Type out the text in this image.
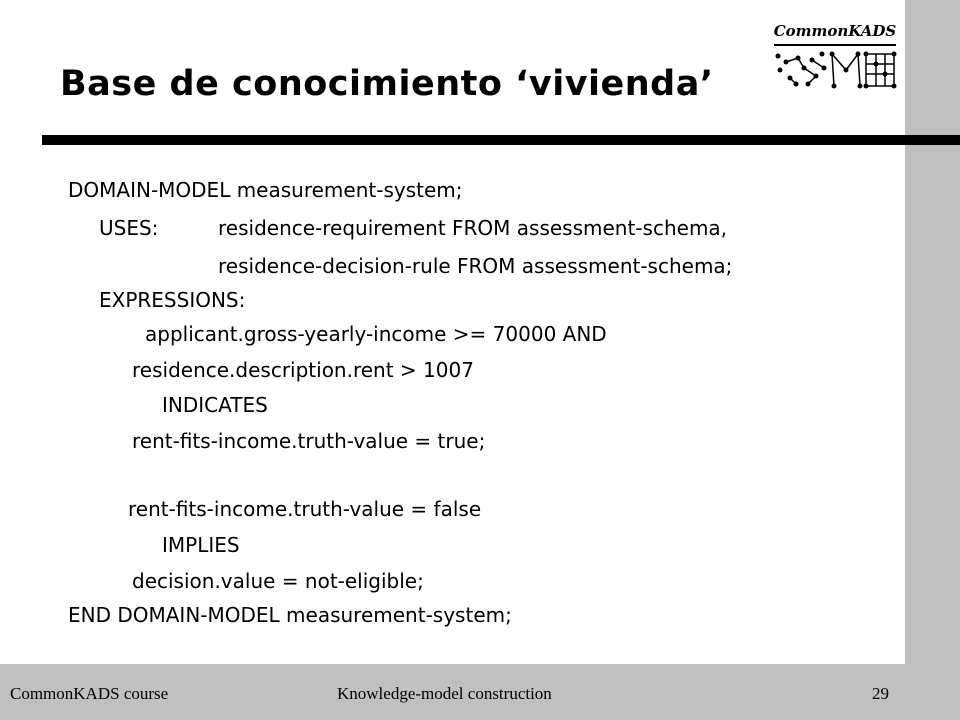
CommonKADS
Base de conocimiento ‘vivienda’

DOMAIN-MODEL measurement-system;

USES:	residence-requirement FROM assessment-schema,

residence-decision-rule FROM assessment-schema;

EXPRESSIONS:

applicant.gross-yearly-income >= 70000 AND

residence.description.rent > 1007

INDICATES

rent-fits-income.truth-value = true;

rent-fits-income.truth-value = false

IMPLIES

decision.value = not-eligible;

END DOMAIN-MODEL measurement-system;

CommonKADS course	Knowledge-model construction	29
